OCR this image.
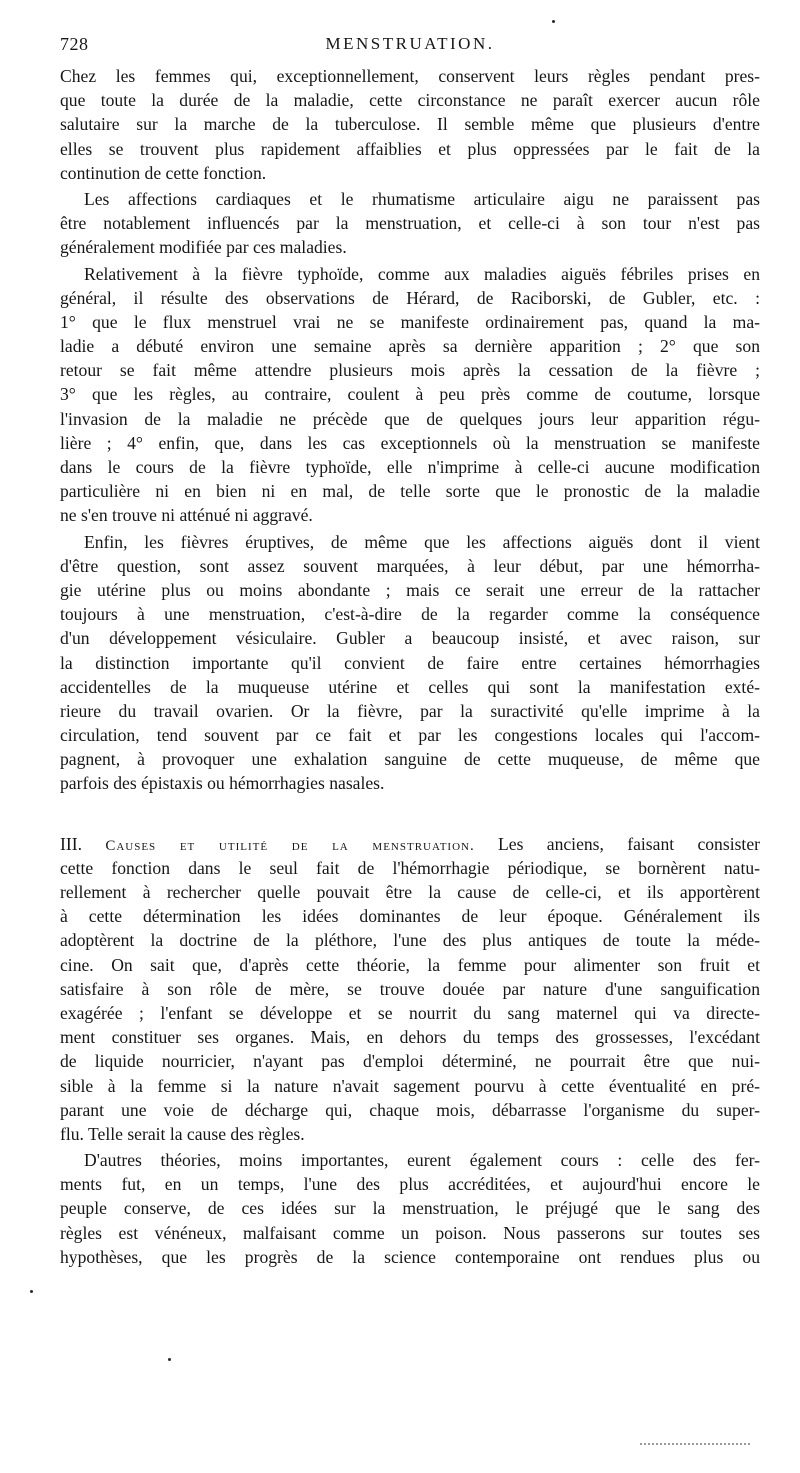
728	MENSTRUATION.
Chez les femmes qui, exceptionnellement, conservent leurs règles pendant pres-
que toute la durée de la maladie, cette circonstance ne paraît exercer aucun rôle
salutaire sur la marche de la tuberculose. Il semble même que plusieurs d'entre
elles se trouvent plus rapidement affaiblies et plus oppressées par le fait de la
continution de cette fonction.
Les affections cardiaques et le rhumatisme articulaire aigu ne paraissent pas
être notablement influencés par la menstruation, et celle-ci à son tour n'est pas
généralement modifiée par ces maladies.
Relativement à la fièvre typhoïde, comme aux maladies aiguës fébriles prises en
général, il résulte des observations de Hérard, de Raciborski, de Gubler, etc. :
1° que le flux menstruel vrai ne se manifeste ordinairement pas, quand la ma-
ladie a débuté environ une semaine après sa dernière apparition ; 2° que son
retour se fait même attendre plusieurs mois après la cessation de la fièvre ;
3° que les règles, au contraire, coulent à peu près comme de coutume, lorsque
l'invasion de la maladie ne précède que de quelques jours leur apparition régu-
lière ; 4° enfin, que, dans les cas exceptionnels où la menstruation se manifeste
dans le cours de la fièvre typhoïde, elle n'imprime à celle-ci aucune modification
particulière ni en bien ni en mal, de telle sorte que le pronostic de la maladie
ne s'en trouve ni atténué ni aggravé.
Enfin, les fièvres éruptives, de même que les affections aiguës dont il vient
d'être question, sont assez souvent marquées, à leur début, par une hémorrha-
gie utérine plus ou moins abondante ; mais ce serait une erreur de la rattacher
toujours à une menstruation, c'est-à-dire de la regarder comme la conséquence
d'un développement vésiculaire. Gubler a beaucoup insisté, et avec raison, sur
la distinction importante qu'il convient de faire entre certaines hémorrhagies
accidentelles de la muqueuse utérine et celles qui sont la manifestation exté-
rieure du travail ovarien. Or la fièvre, par la suractivité qu'elle imprime à la
circulation, tend souvent par ce fait et par les congestions locales qui l'accom-
pagnent, à provoquer une exhalation sanguine de cette muqueuse, de même que
parfois des épistaxis ou hémorrhagies nasales.
III. Causes et utilité de la menstruation. Les anciens, faisant consister
cette fonction dans le seul fait de l'hémorrhagie périodique, se bornèrent natu-
rellement à rechercher quelle pouvait être la cause de celle-ci, et ils apportèrent
à cette détermination les idées dominantes de leur époque. Généralement ils
adoptèrent la doctrine de la pléthore, l'une des plus antiques de toute la méde-
cine. On sait que, d'après cette théorie, la femme pour alimenter son fruit et
satisfaire à son rôle de mère, se trouve douée par nature d'une sanguification
exagérée ; l'enfant se développe et se nourrit du sang maternel qui va directe-
ment constituer ses organes. Mais, en dehors du temps des grossesses, l'excédant
de liquide nourricier, n'ayant pas d'emploi déterminé, ne pourrait être que nui-
sible à la femme si la nature n'avait sagement pourvu à cette éventualité en pré-
parant une voie de décharge qui, chaque mois, débarrasse l'organisme du super-
flu. Telle serait la cause des règles.
D'autres théories, moins importantes, eurent également cours : celle des fer-
ments fut, en un temps, l'une des plus accréditées, et aujourd'hui encore le
peuple conserve, de ces idées sur la menstruation, le préjugé que le sang des
règles est vénéneux, malfaisant comme un poison. Nous passerons sur toutes ses
hypothèses, que les progrès de la science contemporaine ont rendues plus ou
